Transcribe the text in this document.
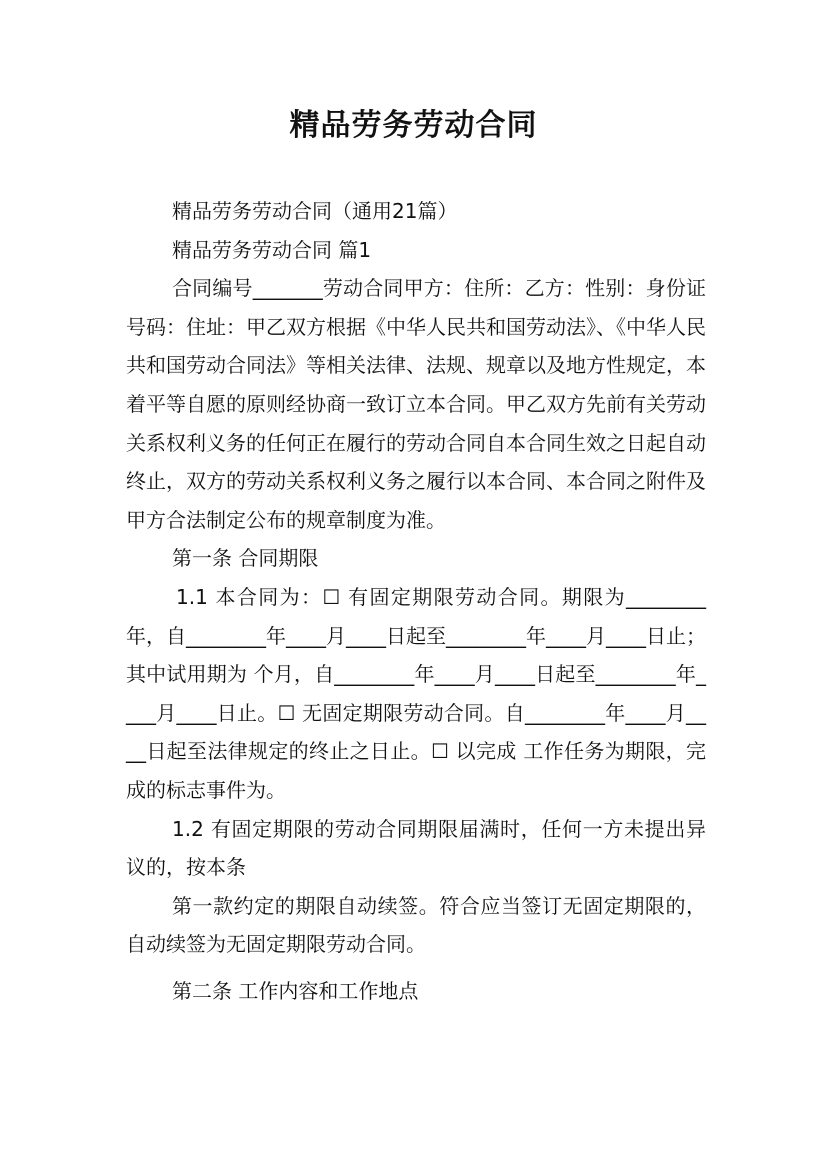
精品劳务劳动合同

精品劳务劳动合同（通用21篇）

精品劳务劳动合同 篇1

合同编号_______劳动合同甲方：住所：乙方：性别：身份证号码：住址：甲乙双方根据《中华人民共和国劳动法》、《中华人民共和国劳动合同法》等相关法律、法规、规章以及地方性规定，本着平等自愿的原则经协商一致订立本合同。甲乙双方先前有关劳动关系权利义务的任何正在履行的劳动合同自本合同生效之日起自动终止，双方的劳动关系权利义务之履行以本合同、本合同之附件及甲方合法制定公布的规章制度为准。

第一条 合同期限

1.1 本合同为：☐ 有固定期限劳动合同。期限为________年，自________年____月____日起至________年____月____日止；其中试用期为 个月，自________年____月____日起至________年____月____日止。☐ 无固定期限劳动合同。自________年____月____日起至法律规定的终止之日止。☐ 以完成 工作任务为期限，完成的标志事件为。

1.2 有固定期限的劳动合同期限届满时，任何一方未提出异议的，按本条

第一款约定的期限自动续签。符合应当签订无固定期限的，自动续签为无固定期限劳动合同。

第二条 工作内容和工作地点
